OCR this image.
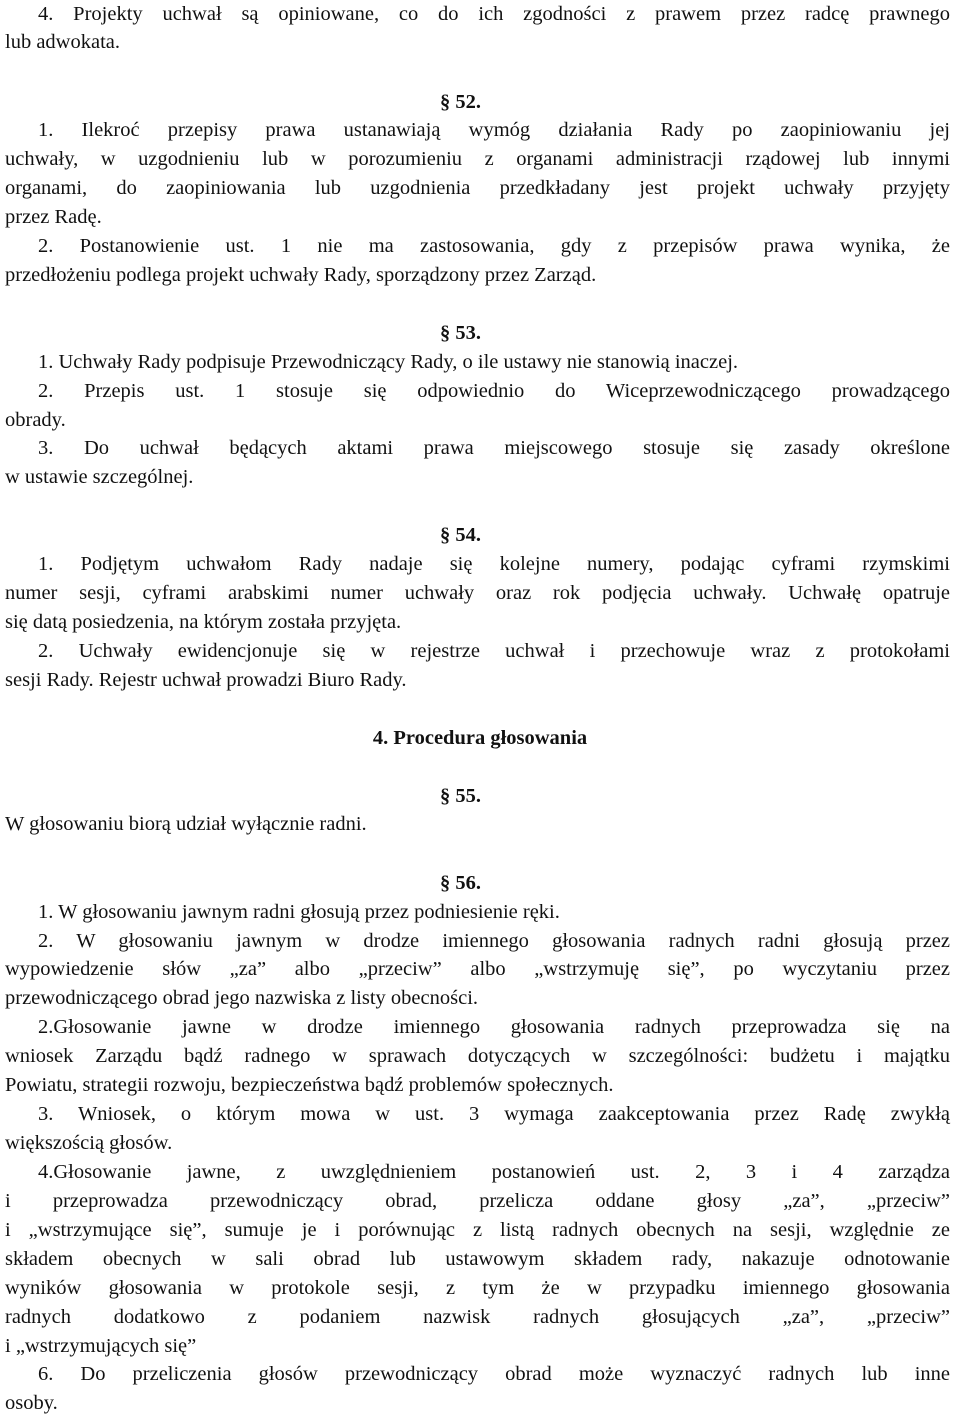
4. Projekty uchwał są opiniowane, co do ich zgodności z prawem przez radcę prawnego
lub adwokata.
§ 52.
1. Ilekroć przepisy prawa ustanawiają wymóg działania Rady po zaopiniowaniu jej
uchwały, w uzgodnieniu lub w porozumieniu z organami administracji rządowej lub innymi
organami, do zaopiniowania lub uzgodnienia przedkładany jest projekt uchwały przyjęty
przez Radę.
2. Postanowienie ust. 1 nie ma zastosowania, gdy z przepisów prawa wynika, że
przedłożeniu podlega projekt uchwały Rady, sporządzony przez Zarząd.
§ 53.
1. Uchwały Rady podpisuje Przewodniczący Rady, o ile ustawy nie stanowią inaczej.
2. Przepis ust. 1 stosuje się odpowiednio do Wiceprzewodniczącego prowadzącego
obrady.
3. Do uchwał będących aktami prawa miejscowego stosuje się zasady określone
w ustawie szczególnej.
§ 54.
1. Podjętym uchwałom Rady nadaje się kolejne numery, podając cyframi rzymskimi
numer sesji, cyframi arabskimi numer uchwały oraz rok podjęcia uchwały. Uchwałę opatruje
się datą posiedzenia, na którym została przyjęta.
2. Uchwały ewidencjonuje się w rejestrze uchwał i przechowuje wraz z protokołami
sesji Rady. Rejestr uchwał prowadzi Biuro Rady.
4. Procedura głosowania
§ 55.
W głosowaniu biorą udział wyłącznie radni.
§ 56.
1. W głosowaniu jawnym radni głosują przez podniesienie ręki.
2. W głosowaniu jawnym w drodze imiennego głosowania radnych radni głosują przez
wypowiedzenie słów „za” albo „przeciw” albo „wstrzymuję się”, po wyczytaniu przez
przewodniczącego obrad jego nazwiska z listy obecności.
2.Głosowanie jawne w drodze imiennego głosowania radnych przeprowadza się na
wniosek Zarządu bądź radnego w sprawach dotyczących w szczególności: budżetu i majątku
Powiatu, strategii rozwoju, bezpieczeństwa bądź problemów społecznych.
3. Wniosek, o którym mowa w ust. 3 wymaga zaakceptowania przez Radę zwykłą
większością głosów.
4.Głosowanie jawne, z uwzględnieniem postanowień ust. 2, 3 i 4 zarządza
i przeprowadza przewodniczący obrad, przelicza oddane głosy „za”, „przeciw”
i „wstrzymujące się”, sumuje je i porównując z listą radnych obecnych na sesji, względnie ze
składem obecnych w sali obrad lub ustawowym składem rady, nakazuje odnotowanie
wyników głosowania w protokole sesji, z tym że w przypadku imiennego głosowania
radnych dodatkowo z podaniem nazwisk radnych głosujących „za”, „przeciw”
i „wstrzymujących się”
6. Do przeliczenia głosów przewodniczący obrad może wyznaczyć radnych lub inne
osoby.
